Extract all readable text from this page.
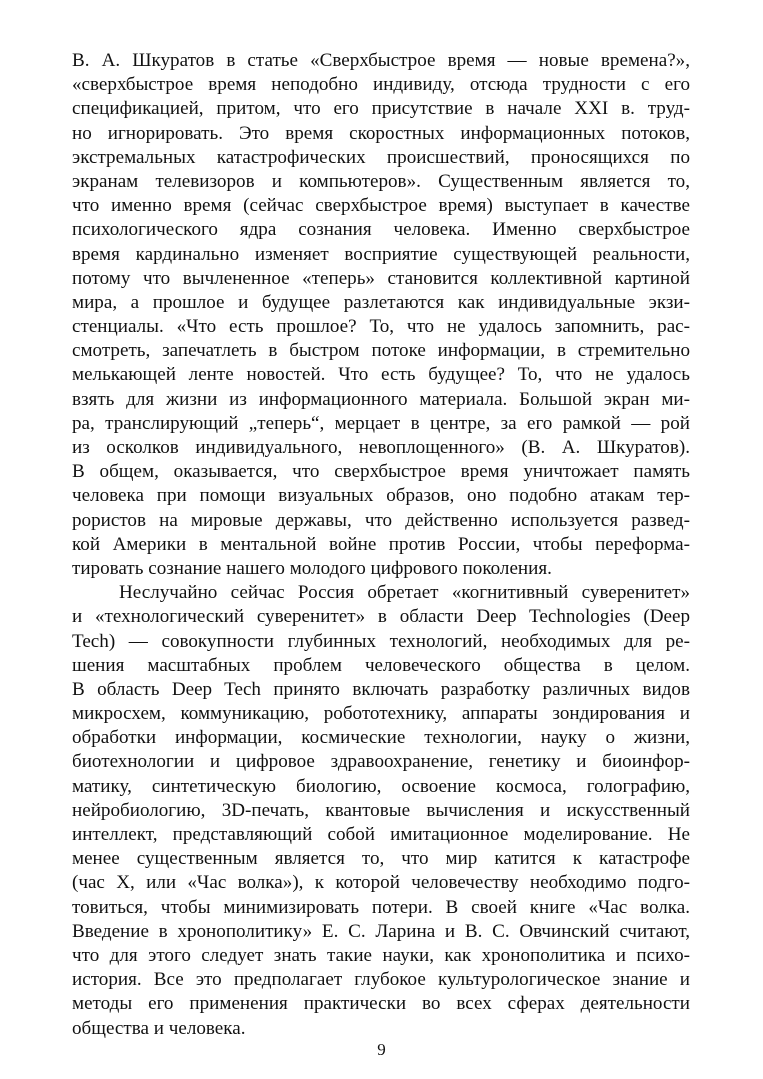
В. А. Шкуратов в статье «Сверхбыстрое время — новые времена?»,
«сверхбыстрое время неподобно индивиду, отсюда трудности с его
спецификацией, притом, что его присутствие в начале XXI в. труд-
но игнорировать. Это время скоростных информационных потоков,
экстремальных катастрофических происшествий, проносящихся по
экранам телевизоров и компьютеров». Существенным является то,
что именно время (сейчас сверхбыстрое время) выступает в качестве
психологического ядра сознания человека. Именно сверхбыстрое
время кардинально изменяет восприятие существующей реальности,
потому что вычлененное «теперь» становится коллективной картиной
мира, а прошлое и будущее разлетаются как индивидуальные экзи-
стенциалы. «Что есть прошлое? То, что не удалось запомнить, рас-
смотреть, запечатлеть в быстром потоке информации, в стремительно
мелькающей ленте новостей. Что есть будущее? То, что не удалось
взять для жизни из информационного материала. Большой экран ми-
ра, транслирующий „теперь“, мерцает в центре, за его рамкой — рой
из осколков индивидуального, невоплощенного» (В. А. Шкуратов).
В общем, оказывается, что сверхбыстрое время уничтожает память
человека при помощи визуальных образов, оно подобно атакам тер-
рористов на мировые державы, что действенно используется развед-
кой Америки в ментальной войне против России, чтобы переформа-
тировать сознание нашего молодого цифрового поколения.
Неслучайно сейчас Россия обретает «когнитивный суверенитет»
и «технологический суверенитет» в области Deep Technologies (Deep
Tech) — совокупности глубинных технологий, необходимых для ре-
шения масштабных проблем человеческого общества в целом.
В область Deep Tech принято включать разработку различных видов
микросхем, коммуникацию, робототехнику, аппараты зондирования и
обработки информации, космические технологии, науку о жизни,
биотехнологии и цифровое здравоохранение, генетику и биоинфор-
матику, синтетическую биологию, освоение космоса, голографию,
нейробиологию, 3D-печать, квантовые вычисления и искусственный
интеллект, представляющий собой имитационное моделирование. Не
менее существенным является то, что мир катится к катастрофе
(час Х, или «Час волка»), к которой человечеству необходимо подго-
товиться, чтобы минимизировать потери. В своей книге «Час волка.
Введение в хронополитику» Е. С. Ларина и В. С. Овчинский считают,
что для этого следует знать такие науки, как хронополитика и психо-
история. Все это предполагает глубокое культурологическое знание и
методы его применения практически во всех сферах деятельности
общества и человека.
9
